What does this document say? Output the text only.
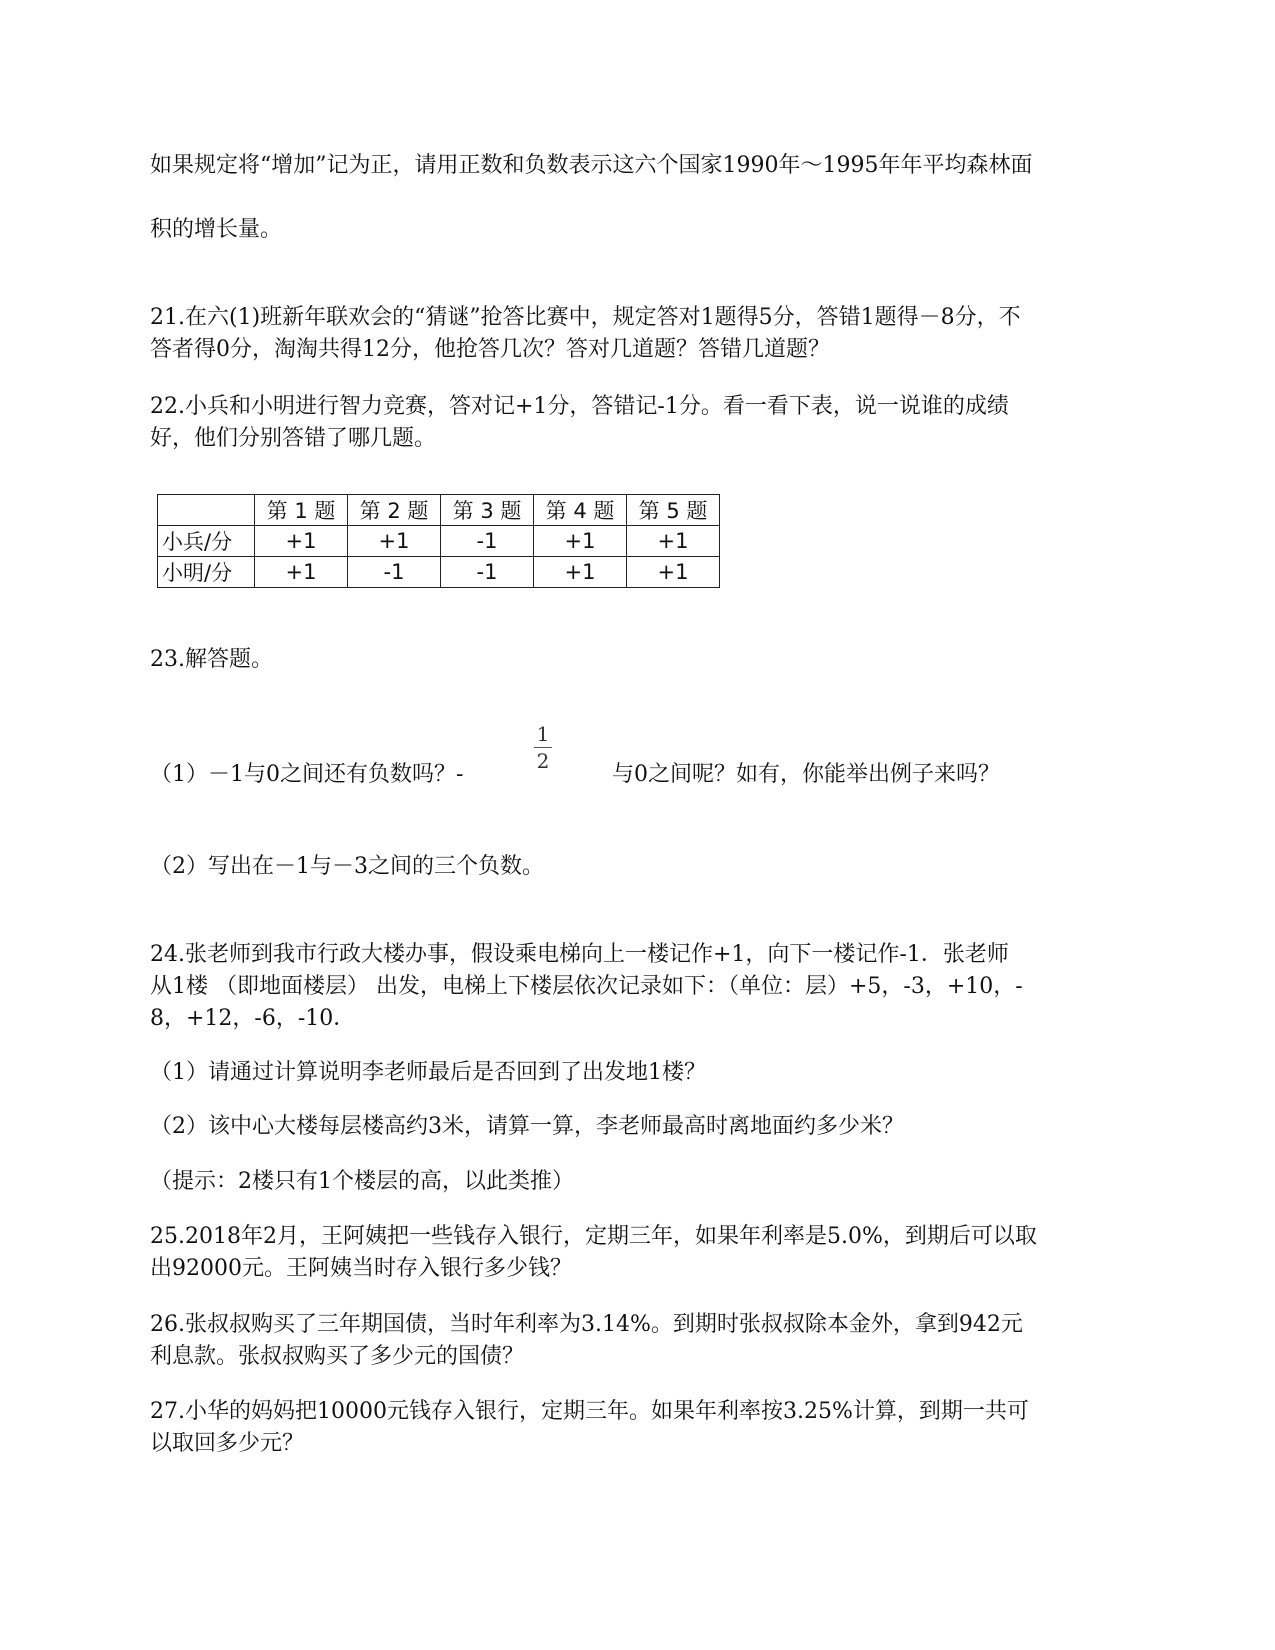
如果规定将“增加”记为正，请用正数和负数表示这六个国家1990年～1995年年平均森林面
积的增长量。
21.在六(1)班新年联欢会的“猜谜”抢答比赛中，规定答对1题得5分，答错1题得－8分，不
答者得0分，淘淘共得12分，他抢答几次？答对几道题？答错几道题？
22.小兵和小明进行智力竞赛，答对记+1分，答错记-1分。看一看下表，说一说谁的成绩
好，他们分别答错了哪几题。
	第 1 题	第 2 题	第 3 题	第 4 题	第 5 题
小兵/分	+1	+1	-1	+1	+1
小明/分	+1	-1	-1	+1	+1
23.解答题。
（1）－1与0之间还有负数吗？-
1
2
与0之间呢？如有，你能举出例子来吗？
（2）写出在－1与－3之间的三个负数。
24.张老师到我市行政大楼办事，假设乘电梯向上一楼记作+1，向下一楼记作-1．张老师
从1楼 （即地面楼层） 出发，电梯上下楼层依次记录如下：（单位：层）+5，-3，+10，-
8，+12，-6，-10．
（1）请通过计算说明李老师最后是否回到了出发地1楼？
（2）该中心大楼每层楼高约3米，请算一算，李老师最高时离地面约多少米？
（提示：2楼只有1个楼层的高，以此类推）
25.2018年2月，王阿姨把一些钱存入银行，定期三年，如果年利率是5.0%，到期后可以取
出92000元。王阿姨当时存入银行多少钱？
26.张叔叔购买了三年期国债，当时年利率为3.14%。到期时张叔叔除本金外，拿到942元
利息款。张叔叔购买了多少元的国债？
27.小华的妈妈把10000元钱存入银行，定期三年。如果年利率按3.25%计算，到期一共可
以取回多少元？
